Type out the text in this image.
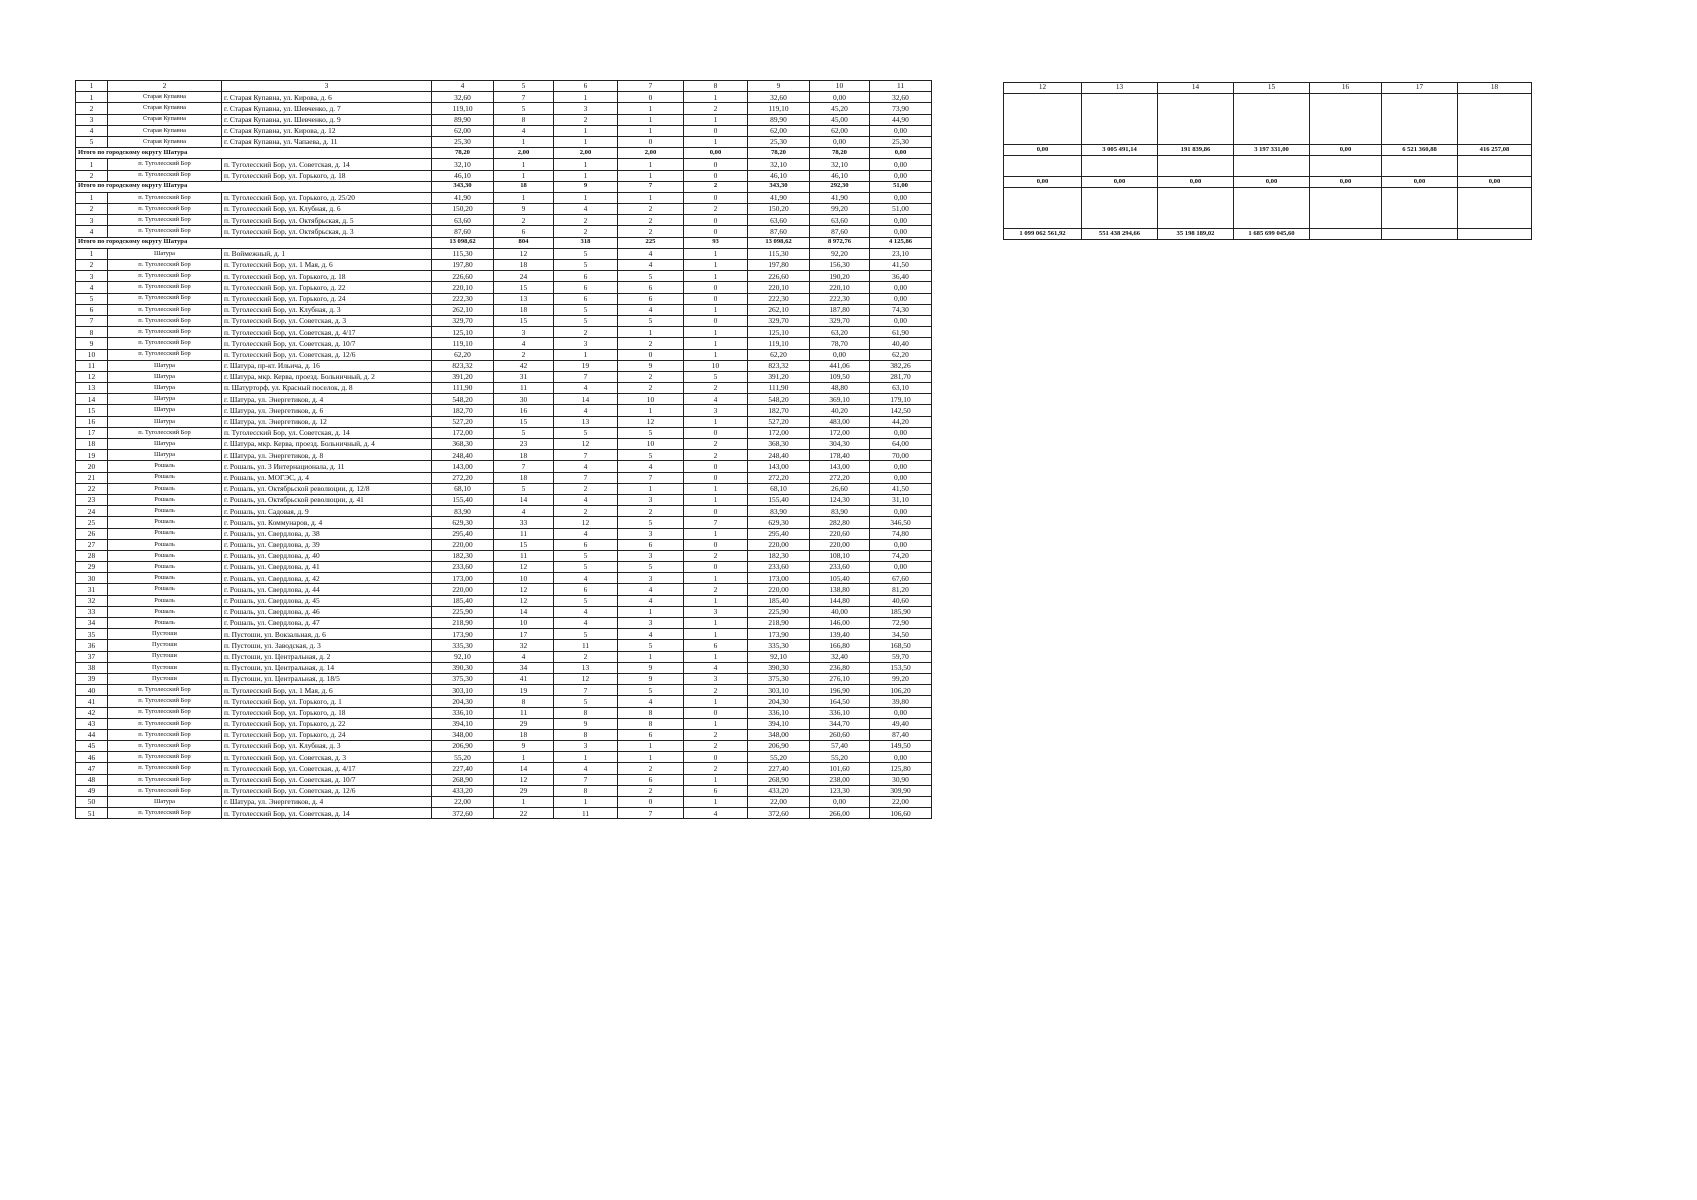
1	2	3	4	5	6	7	8	9	10	11
1	Старая Купавна	г. Старая Купавна, ул. Кирова, д. 6	32,60	7	1	0	1	32,60	0,00	32,60
2	Старая Купавна	г. Старая Купавна, ул. Шевченко, д. 7	119,10	5	3	1	2	119,10	45,20	73,90
3	Старая Купавна	г. Старая Купавна, ул. Шевченко, д. 9	89,90	8	2	1	1	89,90	45,00	44,90
4	Старая Купавна	г. Старая Купавна, ул. Кирова, д. 12	62,00	4	1	1	0	62,00	62,00	0,00
5	Старая Купавна	г. Старая Купавна, ул. Чапаева, д. 11	25,30	1	1	0	1	25,30	0,00	25,30
Итого по городскому округу Шатура			78,20	2,00	2,00	2,00	0,00	78,20	78,20	0,00
1	п. Туголесский Бор	п. Туголесский Бор, ул. Советская, д. 14	32,10	1	1	1	0	32,10	32,10	0,00
2	п. Туголесский Бор	п. Туголесский Бор, ул. Горького, д. 18	46,10	1	1	1	0	46,10	46,10	0,00
Итого по городскому округу Шатура			343,30	18	9	7	2	343,30	292,30	51,00
1	п. Туголесский Бор	п. Туголесский Бор, ул. Горького, д. 25/20	41,90	1	1	1	0	41,90	41,90	0,00
2	п. Туголесский Бор	п. Туголесский Бор, ул. Клубная, д. 6	150,20	9	4	2	2	150,20	99,20	51,00
3	п. Туголесский Бор	п. Туголесский Бор, ул. Октябрьская, д. 5	63,60	2	2	2	0	63,60	63,60	0,00
4	п. Туголесский Бор	п. Туголесский Бор, ул. Октябрьская, д. 3	87,60	6	2	2	0	87,60	87,60	0,00
Итого по городскому округу Шатура			13 098,62	804	318	225	93	13 098,62	8 972,76	4 125,86
1	Шатура	п. Воймежный, д. 1	115,30	12	5	4	1	115,30	92,20	23,10
2	п. Туголесский Бор	п. Туголесский Бор, ул. 1 Мая, д. 6	197,80	18	5	4	1	197,80	156,30	41,50
3	п. Туголесский Бор	п. Туголесский Бор, ул. Горького, д. 18	226,60	24	6	5	1	226,60	190,20	36,40
4	п. Туголесский Бор	п. Туголесский Бор, ул. Горького, д. 22	220,10	15	6	6	0	220,10	220,10	0,00
5	п. Туголесский Бор	п. Туголесский Бор, ул. Горького, д. 24	222,30	13	6	6	0	222,30	222,30	0,00
6	п. Туголесский Бор	п. Туголесский Бор, ул. Клубная, д. 3	262,10	18	5	4	1	262,10	187,80	74,30
7	п. Туголесский Бор	п. Туголесский Бор, ул. Советская, д. 3	329,70	15	5	5	0	329,70	329,70	0,00
8	п. Туголесский Бор	п. Туголесский Бор, ул. Советская, д. 4/17	125,10	3	2	1	1	125,10	63,20	61,90
9	п. Туголесский Бор	п. Туголесский Бор, ул. Советская, д. 10/7	119,10	4	3	2	1	119,10	78,70	40,40
10	п. Туголесский Бор	п. Туголесский Бор, ул. Советская, д. 12/6	62,20	2	1	0	1	62,20	0,00	62,20
11	Шатура	г. Шатура, пр-кт. Ильича, д. 16	823,32	42	19	9	10	823,32	441,06	382,26
12	Шатура	г. Шатура, мкр. Керва, проезд. Больничный, д. 2	391,20	31	7	2	5	391,20	109,50	281,70
13	Шатура	п. Шатурторф, ул. Красный поселок, д. 8	111,90	11	4	2	2	111,90	48,80	63,10
14	Шатура	г. Шатура, ул. Энергетиков, д. 4	548,20	30	14	10	4	548,20	369,10	179,10
15	Шатура	г. Шатура, ул. Энергетиков, д. 6	182,70	16	4	1	3	182,70	40,20	142,50
16	Шатура	г. Шатура, ул. Энергетиков, д. 12	527,20	15	13	12	1	527,20	483,00	44,20
17	п. Туголесский Бор	п. Туголесский Бор, ул. Советская, д. 14	172,00	5	5	5	0	172,00	172,00	0,00
18	Шатура	г. Шатура, мкр. Керва, проезд. Больничный, д. 4	368,30	23	12	10	2	368,30	304,30	64,00
19	Шатура	г. Шатура, ул. Энергетиков, д. 8	248,40	18	7	5	2	248,40	178,40	70,00
20	Рошаль	г. Рошаль, ул. 3 Интернационала, д. 11	143,00	7	4	4	0	143,00	143,00	0,00
21	Рошаль	г. Рошаль, ул. МОГЭС, д. 4	272,20	18	7	7	0	272,20	272,20	0,00
22	Рошаль	г. Рошаль, ул. Октябрьской революции, д. 12/8	68,10	5	2	1	1	68,10	26,60	41,50
23	Рошаль	г. Рошаль, ул. Октябрьской революции, д. 41	155,40	14	4	3	1	155,40	124,30	31,10
24	Рошаль	г. Рошаль, ул. Садовая, д. 9	83,90	4	2	2	0	83,90	83,90	0,00
25	Рошаль	г. Рошаль, ул. Коммунаров, д. 4	629,30	33	12	5	7	629,30	282,80	346,50
26	Рошаль	г. Рошаль, ул. Свердлова, д. 38	295,40	11	4	3	1	295,40	220,60	74,80
27	Рошаль	г. Рошаль, ул. Свердлова, д. 39	220,00	15	6	6	0	220,00	220,00	0,00
28	Рошаль	г. Рошаль, ул. Свердлова, д. 40	182,30	11	5	3	2	182,30	108,10	74,20
29	Рошаль	г. Рошаль, ул. Свердлова, д. 41	233,60	12	5	5	0	233,60	233,60	0,00
30	Рошаль	г. Рошаль, ул. Свердлова, д. 42	173,00	10	4	3	1	173,00	105,40	67,60
31	Рошаль	г. Рошаль, ул. Свердлова, д. 44	220,00	12	6	4	2	220,00	138,80	81,20
32	Рошаль	г. Рошаль, ул. Свердлова, д. 45	185,40	12	5	4	1	185,40	144,80	40,60
33	Рошаль	г. Рошаль, ул. Свердлова, д. 46	225,90	14	4	1	3	225,90	40,00	185,90
34	Рошаль	г. Рошаль, ул. Свердлова, д. 47	218,90	10	4	3	1	218,90	146,00	72,90
35	Пустоши	п. Пустоши, ул. Вокзальная, д. 6	173,90	17	5	4	1	173,90	139,40	34,50
36	Пустоши	п. Пустоши, ул. Заводская, д. 3	335,30	32	11	5	6	335,30	166,80	168,50
37	Пустоши	п. Пустоши, ул. Центральная, д. 2	92,10	4	2	1	1	92,10	32,40	59,70
38	Пустоши	п. Пустоши, ул. Центральная, д. 14	390,30	34	13	9	4	390,30	236,80	153,50
39	Пустоши	п. Пустоши, ул. Центральная, д. 18/5	375,30	41	12	9	3	375,30	276,10	99,20
40	п. Туголесский Бор	п. Туголесский Бор, ул. 1 Мая, д. 6	303,10	19	7	5	2	303,10	196,90	106,20
41	п. Туголесский Бор	п. Туголесский Бор, ул. Горького, д. 1	204,30	8	5	4	1	204,30	164,50	39,80
42	п. Туголесский Бор	п. Туголесский Бор, ул. Горького, д. 18	336,10	11	8	8	0	336,10	336,10	0,00
43	п. Туголесский Бор	п. Туголесский Бор, ул. Горького, д. 22	394,10	29	9	8	1	394,10	344,70	49,40
44	п. Туголесский Бор	п. Туголесский Бор, ул. Горького, д. 24	348,00	18	8	6	2	348,00	260,60	87,40
45	п. Туголесский Бор	п. Туголесский Бор, ул. Клубная, д. 3	206,90	9	3	1	2	206,90	57,40	149,50
46	п. Туголесский Бор	п. Туголесский Бор, ул. Советская, д. 3	55,20	1	1	1	0	55,20	55,20	0,00
47	п. Туголесский Бор	п. Туголесский Бор, ул. Советская, д. 4/17	227,40	14	4	2	2	227,40	101,60	125,80
48	п. Туголесский Бор	п. Туголесский Бор, ул. Советская, д. 10/7	268,90	12	7	6	1	268,90	238,00	30,90
49	п. Туголесский Бор	п. Туголесский Бор, ул. Советская, д. 12/6	433,20	29	8	2	6	433,20	123,30	309,90
50	Шатура	г. Шатура, ул. Энергетиков, д. 4	22,00	1	1	0	1	22,00	0,00	22,00
51	п. Туголесский Бор	п. Туголесский Бор, ул. Советская, д. 14	372,60	22	11	7	4	372,60	266,00	106,60
12	13	14	15	16	17	18

0,00	3 005 491,14	191 839,86	3 197 331,00	0,00	6 521 360,88	416 257,08

0,00	0,00	0,00	0,00	0,00	0,00	0,00

1 099 062 561,92	551 438 294,66	35 198 189,02	1 685 699 045,60			
